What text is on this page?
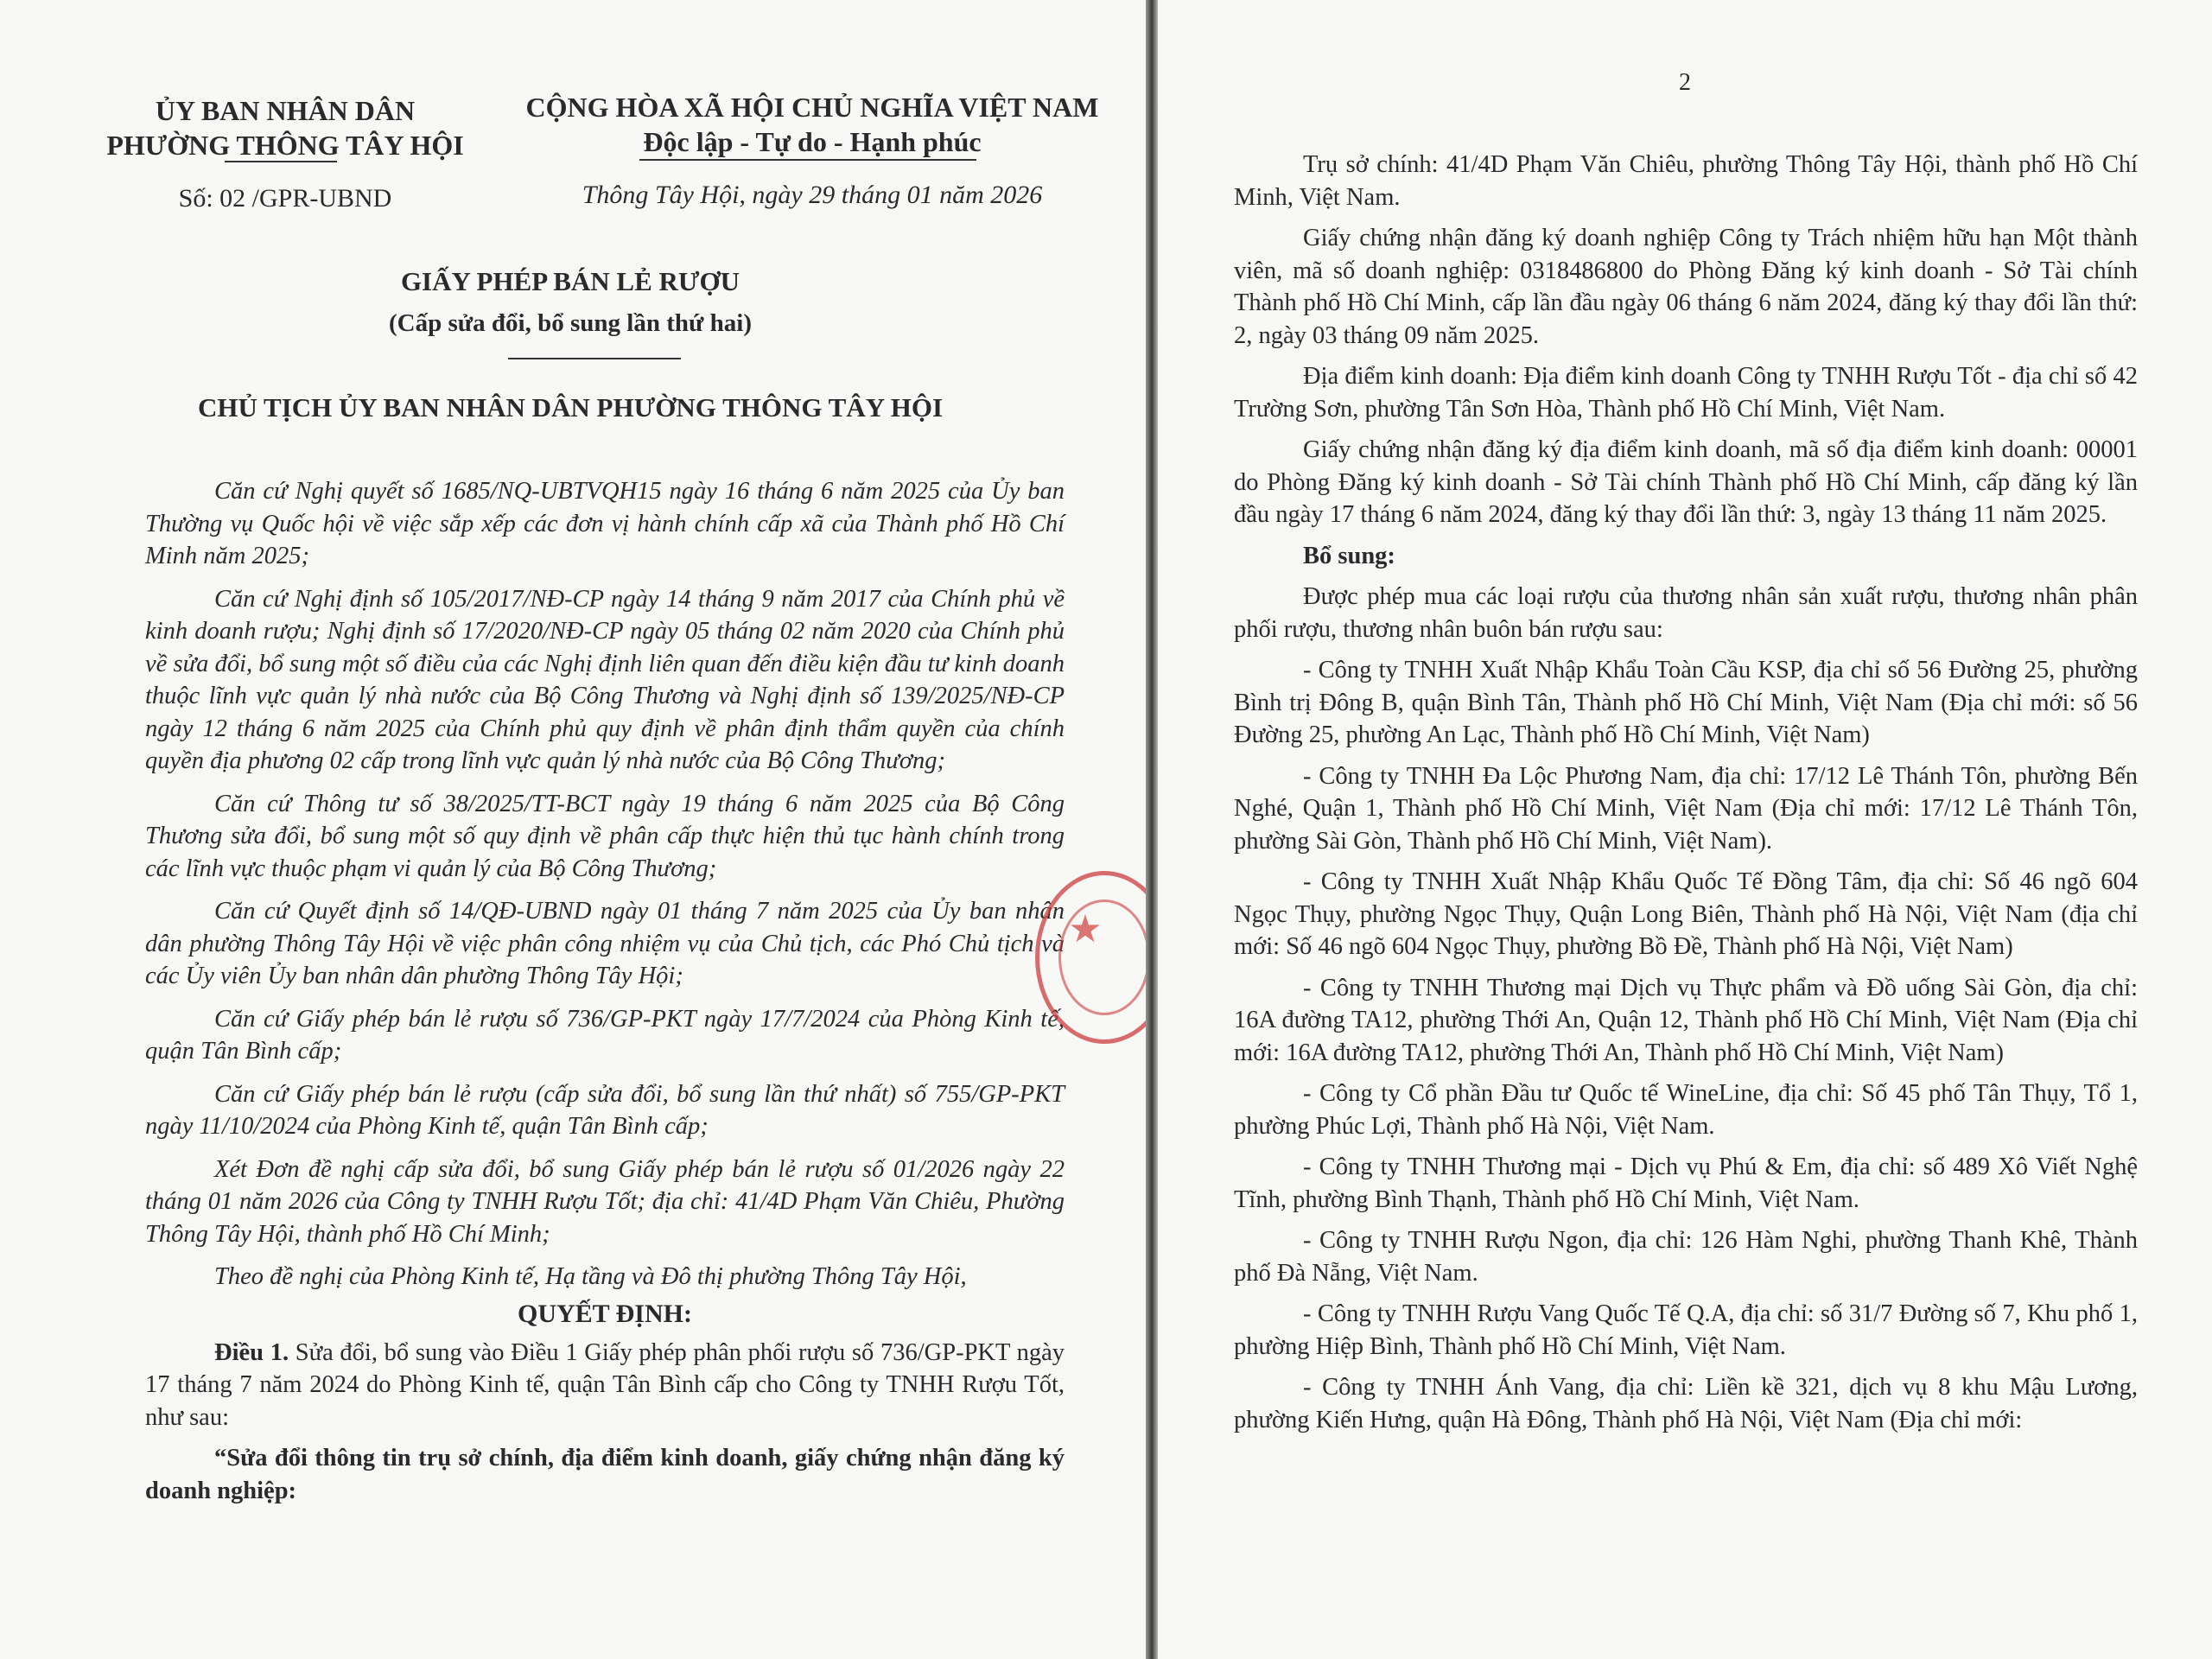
ỦY BAN NHÂN DÂN
PHƯỜNG THÔNG TÂY HỘI
Số: 02 /GPR-UBND
CỘNG HÒA XÃ HỘI CHỦ NGHĨA VIỆT NAM
Độc lập - Tự do - Hạnh phúc
Thông Tây Hội, ngày 29 tháng 01 năm 2026
GIẤY PHÉP BÁN LẺ RƯỢU
(Cấp sửa đổi, bổ sung lần thứ hai)
CHỦ TỊCH ỦY BAN NHÂN DÂN PHƯỜNG THÔNG TÂY HỘI

Căn cứ Nghị quyết số 1685/NQ-UBTVQH15 ngày 16 tháng 6 năm 2025 của Ủy ban Thường vụ Quốc hội về việc sắp xếp các đơn vị hành chính cấp xã của Thành phố Hồ Chí Minh năm 2025;

Căn cứ Nghị định số 105/2017/NĐ-CP ngày 14 tháng 9 năm 2017 của Chính phủ về kinh doanh rượu; Nghị định số 17/2020/NĐ-CP ngày 05 tháng 02 năm 2020 của Chính phủ về sửa đổi, bổ sung một số điều của các Nghị định liên quan đến điều kiện đầu tư kinh doanh thuộc lĩnh vực quản lý nhà nước của Bộ Công Thương và Nghị định số 139/2025/NĐ-CP ngày 12 tháng 6 năm 2025 của Chính phủ quy định về phân định thẩm quyền của chính quyền địa phương 02 cấp trong lĩnh vực quản lý nhà nước của Bộ Công Thương;

Căn cứ Thông tư số 38/2025/TT-BCT ngày 19 tháng 6 năm 2025 của Bộ Công Thương sửa đổi, bổ sung một số quy định về phân cấp thực hiện thủ tục hành chính trong các lĩnh vực thuộc phạm vi quản lý của Bộ Công Thương;

Căn cứ Quyết định số 14/QĐ-UBND ngày 01 tháng 7 năm 2025 của Ủy ban nhân dân phường Thông Tây Hội về việc phân công nhiệm vụ của Chủ tịch, các Phó Chủ tịch và các Ủy viên Ủy ban nhân dân phường Thông Tây Hội;

Căn cứ Giấy phép bán lẻ rượu số 736/GP-PKT ngày 17/7/2024 của Phòng Kinh tế, quận Tân Bình cấp;

Căn cứ Giấy phép bán lẻ rượu (cấp sửa đổi, bổ sung lần thứ nhất) số 755/GP-PKT ngày 11/10/2024 của Phòng Kinh tế, quận Tân Bình cấp;

Xét Đơn đề nghị cấp sửa đổi, bổ sung Giấy phép bán lẻ rượu số 01/2026 ngày 22 tháng 01 năm 2026 của Công ty TNHH Rượu Tốt; địa chỉ: 41/4D Phạm Văn Chiêu, Phường Thông Tây Hội, thành phố Hồ Chí Minh;

Theo đề nghị của Phòng Kinh tế, Hạ tầng và Đô thị phường Thông Tây Hội,

QUYẾT ĐỊNH:

Điều 1. Sửa đổi, bổ sung vào Điều 1 Giấy phép phân phối rượu số 736/GP-PKT ngày 17 tháng 7 năm 2024 do Phòng Kinh tế, quận Tân Bình cấp cho Công ty TNHH Rượu Tốt, như sau:

“Sửa đổi thông tin trụ sở chính, địa điểm kinh doanh, giấy chứng nhận đăng ký doanh nghiệp:

★
2

Trụ sở chính: 41/4D Phạm Văn Chiêu, phường Thông Tây Hội, thành phố Hồ Chí Minh, Việt Nam.

Giấy chứng nhận đăng ký doanh nghiệp Công ty Trách nhiệm hữu hạn Một thành viên, mã số doanh nghiệp: 0318486800 do Phòng Đăng ký kinh doanh - Sở Tài chính Thành phố Hồ Chí Minh, cấp lần đầu ngày 06 tháng 6 năm 2024, đăng ký thay đổi lần thứ: 2, ngày 03 tháng 09 năm 2025.

Địa điểm kinh doanh: Địa điểm kinh doanh Công ty TNHH Rượu Tốt - địa chỉ số 42 Trường Sơn, phường Tân Sơn Hòa, Thành phố Hồ Chí Minh, Việt Nam.

Giấy chứng nhận đăng ký địa điểm kinh doanh, mã số địa điểm kinh doanh: 00001 do Phòng Đăng ký kinh doanh - Sở Tài chính Thành phố Hồ Chí Minh, cấp đăng ký lần đầu ngày 17 tháng 6 năm 2024, đăng ký thay đổi lần thứ: 3, ngày 13 tháng 11 năm 2025.

Bổ sung:

Được phép mua các loại rượu của thương nhân sản xuất rượu, thương nhân phân phối rượu, thương nhân buôn bán rượu sau:

- Công ty TNHH Xuất Nhập Khẩu Toàn Cầu KSP, địa chỉ số 56 Đường 25, phường Bình trị Đông B, quận Bình Tân, Thành phố Hồ Chí Minh, Việt Nam (Địa chỉ mới: số 56 Đường 25, phường An Lạc, Thành phố Hồ Chí Minh, Việt Nam)

- Công ty TNHH Đa Lộc Phương Nam, địa chỉ: 17/12 Lê Thánh Tôn, phường Bến Nghé, Quận 1, Thành phố Hồ Chí Minh, Việt Nam (Địa chỉ mới: 17/12 Lê Thánh Tôn, phường Sài Gòn, Thành phố Hồ Chí Minh, Việt Nam).

- Công ty TNHH Xuất Nhập Khẩu Quốc Tế Đồng Tâm, địa chỉ: Số 46 ngõ 604 Ngọc Thụy, phường Ngọc Thụy, Quận Long Biên, Thành phố Hà Nội, Việt Nam (địa chỉ mới: Số 46 ngõ 604 Ngọc Thụy, phường Bồ Đề, Thành phố Hà Nội, Việt Nam)

- Công ty TNHH Thương mại Dịch vụ Thực phẩm và Đồ uống Sài Gòn, địa chỉ: 16A đường TA12, phường Thới An, Quận 12, Thành phố Hồ Chí Minh, Việt Nam (Địa chỉ mới: 16A đường TA12, phường Thới An, Thành phố Hồ Chí Minh, Việt Nam)

- Công ty Cổ phần Đầu tư Quốc tế WineLine, địa chỉ: Số 45 phố Tân Thụy, Tổ 1, phường Phúc Lợi, Thành phố Hà Nội, Việt Nam.

- Công ty TNHH Thương mại - Dịch vụ Phú & Em, địa chỉ: số 489 Xô Viết Nghệ Tĩnh, phường Bình Thạnh, Thành phố Hồ Chí Minh, Việt Nam.

- Công ty TNHH Rượu Ngon, địa chỉ: 126 Hàm Nghi, phường Thanh Khê, Thành phố Đà Nẵng, Việt Nam.

- Công ty TNHH Rượu Vang Quốc Tế Q.A, địa chỉ: số 31/7 Đường số 7, Khu phố 1, phường Hiệp Bình, Thành phố Hồ Chí Minh, Việt Nam.

- Công ty TNHH Ánh Vang, địa chỉ: Liền kề 321, dịch vụ 8 khu Mậu Lương, phường Kiến Hưng, quận Hà Đông, Thành phố Hà Nội, Việt Nam (Địa chỉ mới:
